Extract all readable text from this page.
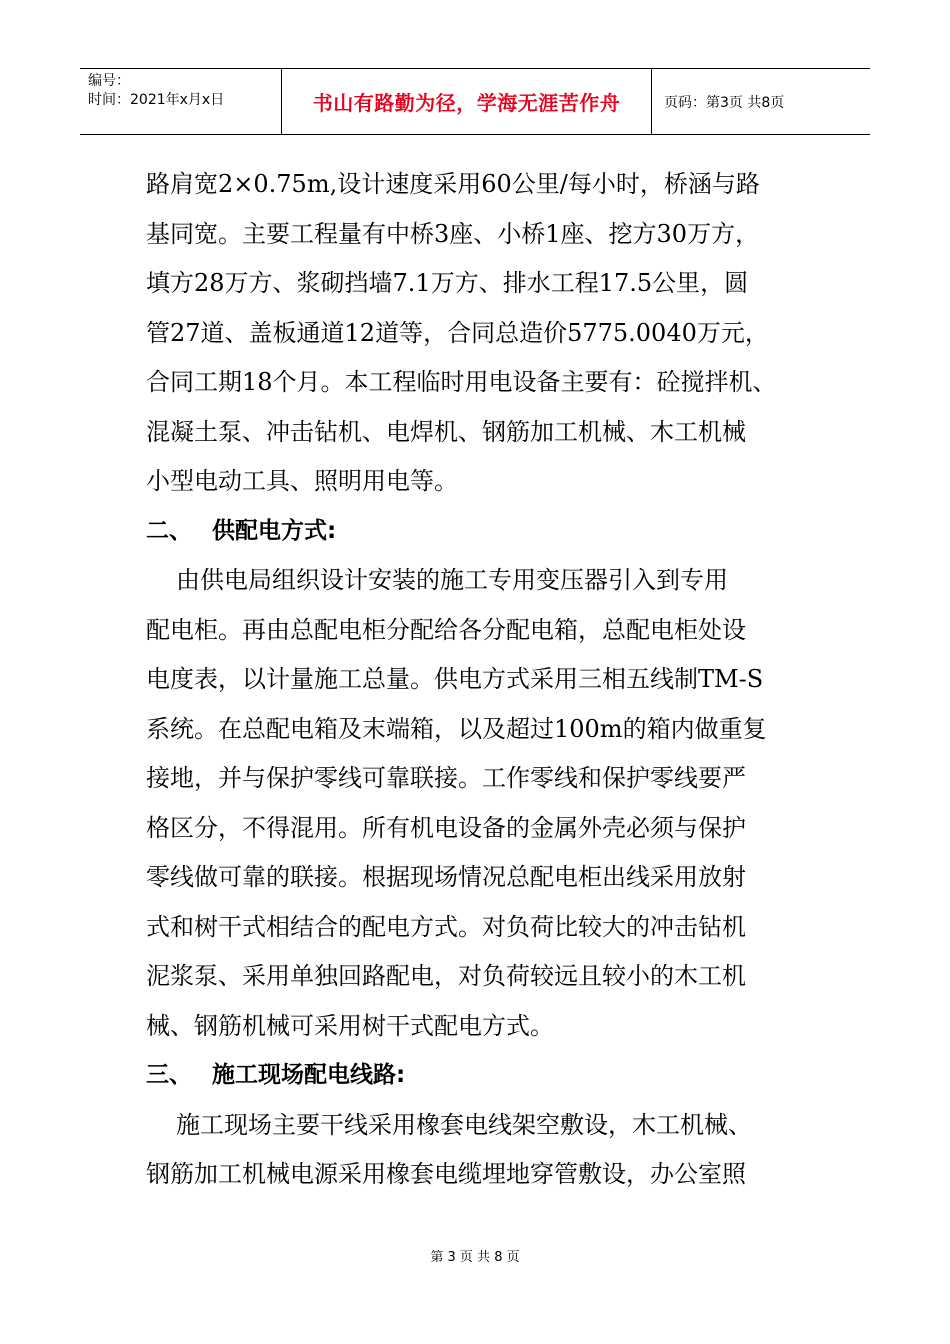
编号：
时间：2021年x月x日	书山有路勤为径，学海无涯苦作舟	页码：第3页 共8页

路肩宽2×0.75m,设计速度采用60公里/每小时，桥涵与路

基同宽。主要工程量有中桥3座、小桥1座、挖方30万方，

填方28万方、浆砌挡墙7.1万方、排水工程17.5公里，圆

管27道、盖板通道12道等，合同总造价5775.0040万元，

合同工期18个月。本工程临时用电设备主要有：砼搅拌机、

混凝土泵、冲击钻机、电焊机、钢筋加工机械、木工机械

小型电动工具、照明用电等。

二、 供配电方式:

由供电局组织设计安装的施工专用变压器引入到专用

配电柜。再由总配电柜分配给各分配电箱，总配电柜处设

电度表，以计量施工总量。供电方式采用三相五线制TM-S

系统。在总配电箱及末端箱，以及超过100m的箱内做重复

接地，并与保护零线可靠联接。工作零线和保护零线要严

格区分，不得混用。所有机电设备的金属外壳必须与保护

零线做可靠的联接。根据现场情况总配电柜出线采用放射

式和树干式相结合的配电方式。对负荷比较大的冲击钻机

泥浆泵、采用单独回路配电，对负荷较远且较小的木工机

械、钢筋机械可采用树干式配电方式。

三、 施工现场配电线路:

施工现场主要干线采用橡套电线架空敷设，木工机械、

钢筋加工机械电源采用橡套电缆埋地穿管敷设，办公室照

第 3 页 共 8 页
